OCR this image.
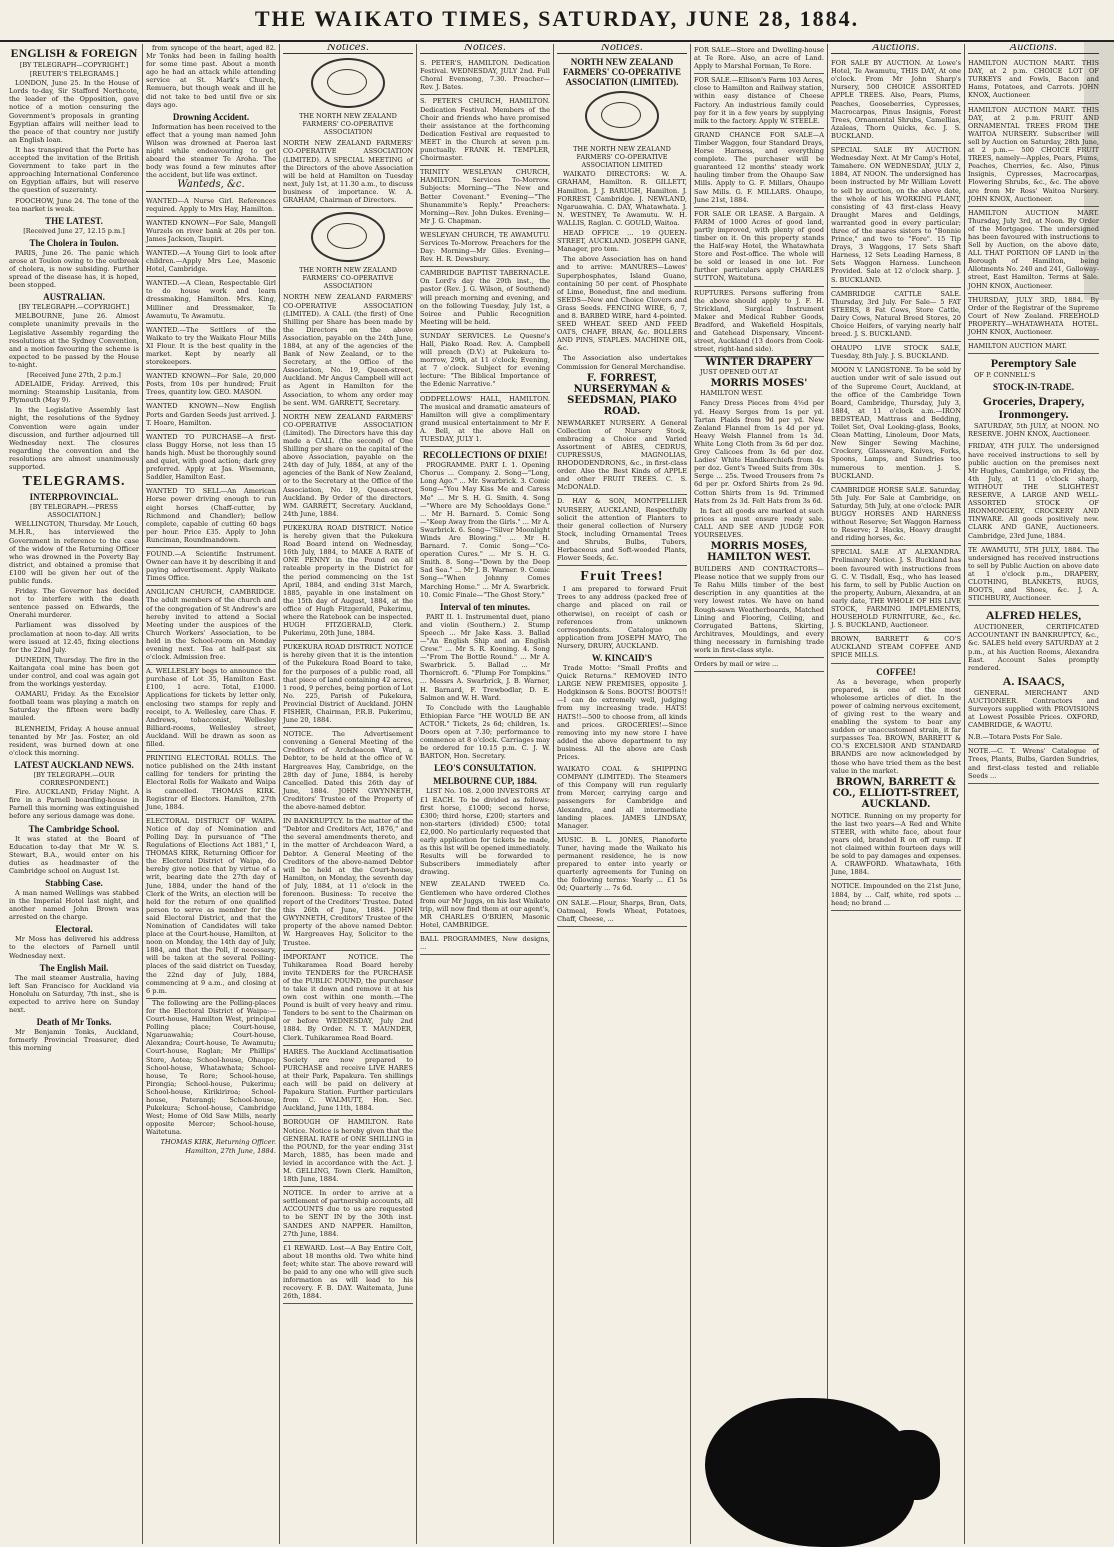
THE WAIKATO TIMES, SATURDAY, JUNE 28, 1884.
ENGLISH & FOREIGN
[BY TELEGRAPH—COPYRIGHT.]
[REUTER'S TELEGRAMS.]

LONDON, June 25. In the House of Lords to-day, Sir Stafford Northcote, the leader of the Opposition, gave notice of a motion censuring the Government's proposals in granting Egyptian affairs will neither lead to the peace of that country nor justify an English loan.

It has transpired that the Porte has accepted the invitation of the British Government to take part in the approaching International Conference on Egyptian affairs, but will reserve the question of suzerainty.

FOOCHOW, June 24. The tone of the tea market is weak.

THE LATEST.
[Received June 27, 12.15 p.m.]
The Cholera in Toulon.

PARIS, June 26. The panic which arose at Toulon owing to the outbreak of cholera, is now subsiding. Further spread of the disease has, it is hoped, been stopped.

AUSTRALIAN.
[BY TELEGRAPH.—COPYRIGHT.]

MELBOURNE, June 26. Almost complete unanimity prevails in the Legislative Assembly regarding the resolutions at the Sydney Convention, and a motion favouring the scheme is expected to be passed by the House to-night.

[Received June 27th, 2 p.m.]

ADELAIDE, Friday. Arrived, this morning: Steamship Lusitania, from Plymouth (May 9).

In the Legislative Assembly last night, the resolutions of the Sydney Convention were again under discussion, and further adjourned till Wednesday next. The closures regarding the convention and the resolutions are almost unanimously supported.

TELEGRAMS.
INTERPROVINCIAL.
[BY TELEGRAPH.—PRESS ASSOCIATION.]

WELLINGTON, Thursday. Mr Louch, M.H.R., has interviewed the Government in reference to the case of the widow of the Returning Officer who was drowned in the Poverty Bay district, and obtained a promise that £100 will be given her out of the public funds.

Friday. The Governor has decided not to interfere with the death sentence passed on Edwards, the Onerahi murderer.

Parliament was dissolved by proclamation at noon to-day. All writs were issued at 12.45, fixing elections for the 22nd July.

DUNEDIN, Thursday. The fire in the Kaitangata coal mine has been got under control, and coal was again got from the workings yesterday.

OAMARU, Friday. As the Excelsior football team was playing a match on Saturday the fifteen were badly mauled.

BLENHEIM, Friday. A house annual tenanted by Mr Jas. Foster, an old resident, was burned down at one o'clock this morning.

LATEST AUCKLAND NEWS.
[BY TELEGRAPH.—OUR CORRESPONDENT.]

Fire. AUCKLAND, Friday Night. A fire in a Parnell boarding-house in Parnell this morning was extinguished before any serious damage was done.

The Cambridge School.

It was stated at the Board of Education to-day that Mr W. S. Stewart, B.A., would enter on his duties as headmaster of the Cambridge school on August 1st.

Stabbing Case.

A man named Wellings was stabbed in the Imperial Hotel last night, and another named John Brown was arrested on the charge.

Electoral.

Mr Moss has delivered his address to the electors of Parnell until Wednesday next.

The English Mail.

The mail steamer Australia, having left San Francisco for Auckland via Honolulu on Saturday, 7th inst., she is expected to arrive here on Sunday next.

Death of Mr Tonks.

Mr Benjamin Tonks, Auckland, formerly Provincial Treasurer, died this morning

from syncope of the heart, aged 82. Mr Tonks had been in failing health for some time past. About a month ago he had an attack while attending service at St. Mark's Church, Remuera, but though weak and ill he did not take to bed until five or six days ago.

Drowning Accident.

Information has been received to the effect that a young man named John Wilson was drowned at Paeroa last night while endeavouring to get aboard the steamer Te Aroha. The body was found a few minutes after the accident, but life was extinct.

Wanteds, &c.
WANTED—A Nurse Girl. References required. Apply to Mrs Hay, Hamilton.
WANTED KNOWN—For Sale, Mangell Wurzels on river bank at 20s per ton. James Jackson, Taupiri.
WANTED.—A Young Girl to look after children.—Apply Mrs Lee, Masonic Hotel, Cambridge.
WANTED.—A Clean, Respectable Girl to do house work and learn dressmaking, Hamilton. Mrs. King, Milliner and Dressmaker, Te Awamutu, Te Awamutu.
WANTED.—The Settlers of the Waikato to try the Waikato Flour Mills XI Flour. It is the best quality in the market. Kept by nearly all storekeepers.
WANTED KNOWN—For Sale, 20,000 Posts, from 10s per hundred; Fruit Trees, quantity low. GEO. MASON.
WANTED KNOWN—New English Ports and Garden Seeds just arrived. J. T. Hoare, Hamilton.
WANTED TO PURCHASE—A first-class Buggy Horse, not less than 15 hands high. Must be thoroughly sound and quiet, with good action; dark grey preferred. Apply at Jas. Wisemann, Saddler, Hamilton East.
WANTED TO SELL—An American Horse power driving enough to run eight horses (Chaff-cutter, by Richmond and Chandler); bellow complete, capable of cutting 60 bags per hour. Price £35. Apply to John Runciman, Roundmandown.
FOUND.—A Scientific Instrument. Owner can have it by describing it and paying advertisement. Apply Waikato Times Office.
ANGLICAN CHURCH, CAMBRIDGE. The adult members of the church and of the congregation of St Andrew's are hereby invited to attend a Social Meeting under the auspices of the Church Workers' Association, to be held in the School-room on Monday evening next. Tea at half-past six o'clock. Admission free.
A. WELLESLEY begs to announce the purchase of Lot 35, Hamilton East. £100, 1 acre. Total, £1000. Applications for tickets by letter only, enclosing two stamps for reply and receipt, to A. Wellesley, care Chas. F. Andrews, tobacconist, Wellesley Billiard-rooms, Wellesley street, Auckland. Will be drawn as soon as filled.
PRINTING ELECTORAL ROLLS. The notice published on the 24th instant calling for tenders for printing the Electoral Rolls for Waikato and Waipa is cancelled. THOMAS KIRK. Registrar of Electors. Hamilton, 27th June, 1884.
ELECTORAL DISTRICT OF WAIPA. Notice of day of Nomination and Polling Day. In pursuance of "The Regulations of Elections Act 1881," I, THOMAS KIRK, Returning Officer for the Electoral District of Waipa, do hereby give notice that by virtue of a writ, bearing date the 27th day of June, 1884, under the hand of the Clerk of the Writs, an election will be held for the return of one qualified person to serve as member for the said Electoral District, and that the Nomination of Candidates will take place at the Court-house, Hamilton, at noon on Monday, the 14th day of July, 1884, and that the Poll, if necessary, will be taken at the several Polling-places of the said district on Tuesday, the 22nd day of July, 1884, commencing at 9 a.m., and closing at 6 p.m.

The following are the Polling-places for the Electoral District of Waipa:—Court-house, Hamilton West, principal Polling place; Court-house, Ngaruawahia; Court-house, Alexandra; Court-house, Te Awamutu; Court-house, Raglan; Mr Phillips' Store, Aotea; School-house, Ohaupo; School-house, Whatawhata; School-house, Te Rore; School-house, Pirongia; School-house, Pukerimu; School-house, Kirikiriroa; School-house, Paterangi; School-house, Pukekura; School-house, Cambridge West; Home of Old Saw Mills, nearly opposite Mercer; School-house, Waitetuna.

THOMAS KIRK, Returning Officer. Hamilton, 27th June, 1884.
Notices.
THE NORTH NEW ZEALAND FARMERS' CO-OPERATIVE ASSOCIATION
NORTH NEW ZEALAND FARMERS' CO-OPERATIVE ASSOCIATION (LIMITED). A SPECIAL MEETING of the Directors of the above Association will be held at Hamilton on Tuesday next, July 1st, at 11.30 a.m., to discuss business of importance. W. A. GRAHAM, Chairman of Directors.
THE NORTH NEW ZEALAND FARMERS' CO-OPERATIVE ASSOCIATION
NORTH NEW ZEALAND FARMERS' CO-OPERATIVE ASSOCIATION (LIMITED). A CALL (the first) of One Shilling per Share has been made by the Directors on the above Association, payable on the 24th June, 1884, at any of the agencies of the Bank of New Zealand, or to the Secretary, at the Office of the Association, No. 19, Queen-street, Auckland. Mr Angus Campbell will act as Agent in Hamilton for the Association, to whom any order may be sent. WM. GARRETT, Secretary.
NORTH NEW ZEALAND FARMERS' CO-OPERATIVE ASSOCIATION (Limited). The Directors have this day made a CALL (the second) of One Shilling per share on the capital of the above Association, payable on the 24th day of July, 1884, at any of the agencies of the Bank of New Zealand, or to the Secretary at the Office of the Association, No. 19, Queen-street, Auckland. By Order of the directors. WM. GARRETT, Secretary. Auckland, 24th June, 1884.
PUKEKURA ROAD DISTRICT. Notice is hereby given that the Pukekura Road Board intend on Wednesday, 16th July, 1884, to MAKE A RATE of ONE PENNY in the Pound on all rateable property in the District for the period commencing on the 1st April, 1884, and ending 31st March, 1885, payable in one instalment on the 15th day of August, 1884, at the office of Hugh Fitzgerald, Pukerimu, where the Ratebook can be inspected. HUGH FITZGERALD, Clerk. Pukerimu, 20th June, 1884.
PUKEKURA ROAD DISTRICT. NOTICE is hereby given that it is the intention of the Pukekura Road Board to take, for the purposes of a public road, all that piece of land containing 42 acres, 1 rood, 9 perches, being portion of Lot No. 225, Parish of Pukekura, Provincial District of Auckland. JOHN FISHER, Chairman, P.R.B. Pukerimu, June 20, 1884.
NOTICE. The Advertisement convening a General Meeting of the Creditors of Archdeacon Ward, a Debtor, to be held at the office of W. Hargreaves Hay, Cambridge, on the 28th day of June, 1884, is hereby Cancelled. Dated this 26th day of June, 1884. JOHN GWYNNETH, Creditors' Trustee of the Property of the above-named debtor.
IN BANKRUPTCY. In the matter of the "Debtor and Creditors Act, 1876," and the several amendments thereto, and in the matter of Archdeacon Ward, a Debtor. A General Meeting of the Creditors of the above-named Debtor will be held at the Court-house, Hamilton, on Monday, the seventh day of July, 1884, at 11 o'clock in the forenoon. Business: To receive the report of the Creditors' Trustee. Dated this 26th of June, 1884. JOHN GWYNNETH, Creditors' Trustee of the property of the above named Debtor. W. Hargreaves Hay, Solicitor to the Trustee.
IMPORTANT NOTICE. The Tuhikaramea Road Board hereby invite TENDERS for the PURCHASE of the PUBLIC POUND, the purchaser to take it down and remove it at his own cost within one month.—The Pound is built of very heavy and rimu. Tenders to be sent to the Chairman on or before WEDNESDAY, July 2nd 1884. By Order. N. T. MAUNDER, Clerk. Tuhikaramea Road Board.
HARES. The Auckland Acclimatisation Society are now prepared to PURCHASE and receive LIVE HARES at their Park, Papakura. Ten shillings each will be paid on delivery at Papakura Station. Further particulars from C. WALMUTT, Hon. Sec. Auckland, June 11th, 1884.
BOROUGH OF HAMILTON. Rate Notice. Notice is hereby given that the GENERAL RATE of ONE SHILLING in the POUND, for the year ending 31st March, 1885, has been made and levied in accordance with the Act. J. M. GELLING, Town Clerk. Hamilton, 18th June, 1884.
NOTICE. In order to arrive at a settlement of partnership accounts, all ACCOUNTS due to us are requested to be SENT IN by the 30th inst. SANDES AND NAPPER. Hamilton, 27th June, 1884.
£1 REWARD. Lost—A Bay Entire Colt, about 18 months old. Two white hind feet; white star. The above reward will be paid to any one who will give such information as will lead to his recovery. F. B. DAY. Waitemata, June 26th, 1884.
Notices.
S. PETER'S, HAMILTON. Dedication Festival. WEDNESDAY, JULY 2nd. Full Choral Evensong, 7.30. Preacher—Rev. J. Bates.
S. PETER'S CHURCH, HAMILTON. Dedication Festival. Members of the Choir and friends who have promised their assistance at the forthcoming Dedication Festival are requested to MEET in the Church at seven p.m. punctually. FRANK H. TEMPLER, Choirmaster.
TRINITY WESLEYAN CHURCH, HAMILTON. Services To-Morrow. Subjects: Morning—"The New and Better Covenant." Evening—"The Shunammite's Reply." Preachers: Morning—Rev. John Dukes. Evening—Mr J. G. Chapman.
WESLEYAN CHURCH, TE AWAMUTU. Services To-Morrow. Preachers for the Day: Morning—Mr Giles. Evening—Rev. H. R. Dewsbury.
CAMBRIDGE BAPTIST TABERNACLE. On Lord's day the 29th inst., the pastor (Rev. J. G. Wilson, of Southend) will preach morning and evening, and on the following Tuesday, July 1st, a Soiree and Public Recognition Meeting will be held.
SUNDAY SERVICES. Le Quesne's Hall, Piako Road. Rev. A. Campbell will preach (D.V.) at Pukekura to-morrow, 29th, at 11 o'clock; Evening, at 7 o'clock. Subject for evening lecture: "The Biblical Importance of the Edenic Narrative."
ODDFELLOWS' HALL, HAMILTON. The musical and dramatic amateurs of Hamilton will give a complimentary grand musical entertainment to Mr F. A. Bell, at the above Hall on TUESDAY, JULY 1.
RECOLLECTIONS OF DIXIE!

PROGRAMME. PART I. 1. Opening Chorus ... Company. 2. Song—"Long, Long Ago." ... Mr. Swarbrick. 3. Comic Song—"You May Kiss Me and Caress Me" ... Mr S. H. G. Smith. 4. Song—"Where are My Schooldays Gone." ... Mr H. Barnard. 5. Comic Song—"Keep Away from the Girls." ... Mr A. Swarbrick. 6. Song—"Silver Moonlight Winds Are Blowing." ... Mr H. Barnard. 7. Comic Song—"Co-operation Cures." ... Mr S. H. G. Smith. 8. Song—"Down by the Deep Sad Sea." ... Mr J. B. Warner. 9. Comic Song—"When Johnny Comes Marching Home." ... Mr A. Swarbrick. 10. Comic Finale—"The Ghost Story."

Interval of ten minutes.

PART II. 1. Instrumental duet, piano and violin (Southern.) 2. Stump Speech ... Mr Jake Kass. 3. Ballad—"An English Ship and an English Crew." ... Mr S. R. Koening. 4. Song—"From The Bottle Round." ... Mr A. Swarbrick. 5. Ballad ... Mr Thornicroft. 6. "Plump For Tompkins." ... Messrs A. Swarbrick, J. B. Warner, H. Barnard, F. Trewbodlar, D. E. Salmon and W. H. Ward.

To Conclude with the Laughable Ethiopian Farce "HE WOULD BE AN ACTOR." Tickets, 2s 6d; children, 1s. Doors open at 7.30; performance to commence at 8 o'clock. Carriages may be ordered for 10.15 p.m. C. J. W. BARTON, Hon. Secretary.

LEO'S CONSULTATION.
MELBOURNE CUP, 1884.

LIST No. 108. 2,000 INVESTORS AT £1 EACH. To be divided as follows: first horse, £1000; second horse, £300; third horse, £200; starters and non-starters (divided) £500; total £2,000. No particularly requested that early application for tickets be made, as this list will be opened immediately. Results will be forwarded to Subscribers immediately after drawing.

NEW ZEALAND TWEED Co. Gentlemen who have ordered Clothes from our Mr Juggs, on his last Waikato trip, will now find them at our agent's, MR CHARLES O'BRIEN, Masonic Hotel, CAMBRIDGE.
BALL PROGRAMMES, New designs, ...
Notices.
NORTH NEW ZEALAND FARMERS' CO-OPERATIVE ASSOCIATION (LIMITED).
THE NORTH NEW ZEALAND FARMERS' CO-OPERATIVE ASSOCIATION LIMITED

WAIKATO DIRECTORS: W. A. GRAHAM, Hamilton. R. GILLETT, Hamilton. J. J. BARUGH, Hamilton. J. FORREST, Cambridge. J. NEWLAND, Ngaruawahia. C. DAY, Whatawhata. J. N. WESTNEY, Te Awamutu. W. H. WALLIS, Raglan. C. GOULD, Waitoa.

HEAD OFFICE ... 19 QUEEN-STREET, AUCKLAND. JOSEPH GANE, Manager, pro tem.

The above Association has on hand and to arrive: MANURES—Lawes' Superphosphates, Island Guano, containing 50 per cent. of Phosphate of Lime, Bonedust, fine and medium. SEEDS—New and Choice Clovers and Grass Seeds. FENCING WIRE, 6, 7, and 8. BARBED WIRE, hard 4-pointed. SEED WHEAT. SEED AND FEED OATS, CHAFF, BRAN, &c. BOLLERS AND PINS, STAPLES. MACHINE OIL, &c.

The Association also undertakes Commission for General Merchandise.

F. FORREST, NURSERYMAN & SEEDSMAN, PIAKO ROAD.
NEWMARKET NURSERY. A General Collection of Nursery Stock, embracing a Choice and Varied Assortment of ABIES, CEDRUS, CUPRESSUS, MAGNOLIAS, RHODODENDRONS, &c., in first-class order. Also the Best Kinds of APPLE and other FRUIT TREES. C. S. McDONALD.
D. HAY & SON, MONTPELLIER NURSERY, AUCKLAND, Respectfully solicit the attention of Planters to their general collection of Nursery Stock, including Ornamental Trees and Shrubs, Bulbs, Tubers, Herbaceous and Soft-wooded Plants, Flower Seeds, &c.
Fruit Trees!

I am prepared to forward Fruit Trees to any address (packed free of charge and placed on rail or otherwise), on receipt of cash or references from unknown correspondents. Catalogue on application from JOSEPH MAYO, The Nursery, DRURY, AUCKLAND.

W. KINCAID'S

Trade Motto: "Small Profits and Quick Returns." REMOVED INTO LARGE NEW PREMISES, opposite J. Hodgkinson & Sons. BOOTS! BOOTS!!—I can do extremely well, judging from my increasing trade. HATS! HATS!!—500 to choose from, all kinds and prices. GROCERIES!—Since removing into my new store I have added the above department to my business. All the above are Cash Prices.

WAIKATO COAL & SHIPPING COMPANY (LIMITED). The Steamers of this Company will run regularly from Mercer, carrying cargo and passengers for Cambridge and Alexandra, and all intermediate landing places. JAMES LINDSAY, Manager.
MUSIC. B. L. JONES, Pianoforte Tuner, having made the Waikato his permanent residence, he is now prepared to enter into yearly or quarterly agreements for Tuning on the following terms: Yearly ... £1 5s 0d; Quarterly ... 7s 6d.
ON SALE.—Flour, Sharps, Bran, Oats, Oatmeal, Fowls Wheat, Potatoes, Chaff, Cheese, ...
FOR SALE—Store and Dwelling-house at Te Rore. Also, an acre of Land. Apply to Marshal Forman, Te Rore.
FOR SALE.—Ellison's Farm 103 Acres, close to Hamilton and Railway station, within easy distance of Cheese Factory. An industrious family could pay for it in a few years by supplying milk to the factory. Apply W. STEELE.
GRAND CHANCE FOR SALE—A Timber Waggon, four Standard Drays, Horse Harness, and everything complete. The purchaser will be guaranteed 12 months' steady work hauling timber from the Ohaupo Saw Mills. Apply to G. F. Millars, Ohaupo Saw Mills. G. F. MILLARS. Ohaupo, June 21st, 1884.
FOR SALE OR LEASE. A Bargain. A FARM of 1000 Acres of good land, partly improved, with plenty of good timber on it. On this property stands the Half-way Hotel, the Whatawhata Store and Post-office. The whole will be sold or leased in one lot. For further particulars apply CHARLES SUTTON, Waitetuna.
RUPTURES. Persons suffering from the above should apply to J. F. H. Strickland, Surgical Instrument Maker and Medical Rubber Goods, Bradford, and Wakefield Hospitals, and Gatehead Dispensary, Vincent-street, Auckland (13 doors from Cook-street, right-hand side).
WINTER DRAPERY

JUST OPENED OUT AT

MORRIS MOSES'

HAMILTON WEST.

Fancy Dress Pieces from 4½d per yd. Heavy Serges from 1s per yd. Tartan Plaids from 9d per yd. New Zealand Flannel from 1s 4d per yd. Heavy Welsh Flannel from 1s 3d. White Long Cloth from 3s 6d per doz. Grey Calicoes from 3s 6d per doz. Ladies' White Handkerchiefs from 4s per doz. Gent's Tweed Suits from 30s. Serge ... 25s. Tweed Trousers from 7s 6d per pr. Oxford Shirts from 2s 9d. Cotton Shirts from 1s 9d. Trimmed Hats from 2s 3d. Felt Hats from 3s 6d.

In fact all goods are marked at such prices as must ensure ready sale. CALL AND SEE AND JUDGE FOR YOURSELVES.

MORRIS MOSES, HAMILTON WEST.
BUILDERS AND CONTRACTORS—Please notice that we supply from our Te Rahu Mills timber of the best description in any quantities at the very lowest rates. We have on hand Rough-sawn Weatherboards, Matched Lining and Flooring, Ceiling, and Corrugated Battens, Skirting, Architraves, Mouldings, and every thing necessary in furnishing trade work in first-class style.
Orders by mail or wire ...
Auctions.
FOR SALE BY AUCTION. At Lowe's Hotel, Te Awamutu, THIS DAY, At one o'clock. From Mr John Sharp's Nursery, 500 CHOICE ASSORTED APPLE TREES. Also, Pears, Plums, Peaches, Gooseberries, Cypresses, Macrocarpas, Pinus Insignis, Forest Trees, Ornamental Shrubs, Camellias, Azaleas, Thorn Quicks, &c. J. S. BUCKLAND.
SPECIAL SALE BY AUCTION. Wednesday Next. At Mr Camp's Hotel, Tamahere. ON WEDNESDAY, JULY 2, 1884, AT NOON. The undersigned has been instructed by Mr William Lovett to sell by auction, on the above date, the whole of his WORKING PLANT, consisting of 43 first-class Heavy Draught Mares and Geldings, warranted good in every particular; three of the mares sisters to "Bonnie Prince," and two to "Fore". 15 Tip Drays, 3 Waggons, 17 Sets Shaft Harness, 12 Sets Leading Harness, 8 Sets Waggon Harness. Luncheon Provided. Sale at 12 o'clock sharp. J. S. BUCKLAND.
CAMBRIDGE CATTLE SALE. Thursday, 3rd July. For Sale— 5 FAT STEERS, 8 Fat Cows, Store Cattle, Dairy Cows, Natural Breed Stores, 20 Choice Heifers, of varying nearly half breed. J. S. BUCKLAND.
OHAUPO LIVE STOCK SALE, Tuesday, 8th July. J. S. BUCKLAND.
MOON V. LANGSTONE. To be sold by auction under writ of sale issued out of the Supreme Court, Auckland, at the office of the Cambridge Town Board, Cambridge, Thursday, July 3, 1884, at 11 o'clock a.m.—IRON BEDSTEAD, Mattrass and Bedding, Toilet Set, Oval Looking-glass, Books, Clean Matting, Linoleum, Door Mats, New Singer Sewing Machine, Crockery, Glassware, Knives, Forks, Spoons, Lamps, and Sundries too numerous to mention. J. S. BUCKLAND.
CAMBRIDGE HORSE SALE. Saturday, 5th July. For Sale at Cambridge, on Saturday, 5th July, at one o'clock: PAIR BUGGY HORSES AND HARNESS without Reserve; Set Waggon Harness to Reserve; 2 Hacks, Heavy draught and riding horses, &c.
SPECIAL SALE AT ALEXANDRA. Preliminary Notice. J. S. Buckland has been favoured with instructions from G. C. V. Tisdall, Esq., who has leased his farm, to sell by Public Auction on the property, Auburn, Alexandra, at an early date, THE WHOLE OF HIS LIVE STOCK, FARMING IMPLEMENTS, HOUSEHOLD FURNITURE, &c., &c. J. S. BUCKLAND, Auctioneer.
BROWN, BARRETT & CO'S AUCKLAND STEAM COFFEE AND SPICE MILLS.
COFFEE!

As a beverage, when properly prepared, is one of the most wholesome articles of diet. In the power of calming nervous excitement, of giving rest to the weary and enabling the system to bear any sudden or unaccustomed strain, it far surpasses Tea. BROWN, BARRETT & CO.'S EXCELSIOR AND STANDARD BRANDS are now acknowledged by those who have tried them as the best value in the market.

BROWN, BARRETT & CO., ELLIOTT-STREET, AUCKLAND.
NOTICE. Running on my property for the last two years—A Red and White STEER, with white face, about four years old, branded R on off rump. If not claimed within fourteen days will be sold to pay damages and expenses. A. CRAWFORD. Whatawhata, 16th June, 1884.
NOTICE. Impounded on the 21st June, 1884, by ... Calf, white, red spots ... head; no brand ...
Auctions.
HAMILTON AUCTION MART. THIS DAY, at 2 p.m. CHOICE LOT OF TURKEYS and Fowls, Bacon and Hams, Potatoes, and Carrots. JOHN KNOX, Auctioneer.
HAMILTON AUCTION MART. THIS DAY, at 2 p.m. FRUIT AND ORNAMENTAL TREES FROM THE WAITOA NURSERY. Subscriber will sell by Auction on Saturday, 28th June, at 2 p.m.— 500 CHOICE FRUIT TREES, namely—Apples, Pears, Plums, Peaches, Cherries, &c. Also, Pinus Insignis, Cypresses, Macrocarpas, Flowering Shrubs, &c., &c. The above are from Mr Ross' Waitoa Nursery. JOHN KNOX, Auctioneer.
HAMILTON AUCTION MART. Thursday, July 3rd, at Noon. By Order of the Mortgagee. The undersigned has been favoured with instructions to Sell by Auction, on the above date, ALL THAT PORTION OF LAND in the Borough of Hamilton, being Allotments No. 240 and 241, Galloway-street, East Hamilton. Terms at Sale. JOHN KNOX, Auctioneer.
THURSDAY, JULY 3RD, 1884. By Order of the Registrar of the Supreme Court of New Zealand. FREEHOLD PROPERTY—WHATAWHATA HOTEL. JOHN KNOX, Auctioneer.
HAMILTON AUCTION MART.
Peremptory Sale

OF P. CONNELL'S

STOCK-IN-TRADE.
Groceries, Drapery, Ironmongery.

SATURDAY, 5th JULY, at NOON. NO RESERVE. JOHN KNOX, Auctioneer.

FRIDAY, 4TH JULY. The undersigned have received instructions to sell by public auction on the premises next Mr Hughes, Cambridge, on Friday, the 4th July, at 11 o'clock sharp, WITHOUT THE SLIGHTEST RESERVE, A LARGE AND WELL-ASSORTED STOCK OF IRONMONGERY, CROCKERY AND TINWARE. All goods positively new. CLARK AND GANE, Auctioneers. Cambridge, 23rd June, 1884.
TE AWAMUTU, 5TH JULY, 1884. The undersigned has received instructions to sell by Public Auction on above date at 1 o'clock p.m., DRAPERY, CLOTHING, BLANKETS, RUGS, BOOTS, and Shoes, &c. J. A. STICHBURY, Auctioneer.
ALFRED HELES,

AUCTIONEER, CERTIFICATED ACCOUNTANT IN BANKRUPTCY, &c., &c. SALES held every SATURDAY at 2 p.m., at his Auction Rooms, Alexandra East. Account Sales promptly rendered.

A. ISAACS,

GENERAL MERCHANT AND AUCTIONEER. Contractors and Surveyors supplied with PROVISIONS at Lowest Possible Prices. OXFORD, CAMBRIDGE, & WAOTU.

N.B.—Totara Posts For Sale.
NOTE.—C. T. Wrens' Catalogue of Trees, Plants, Bulbs, Garden Sundries, and first-class tested and reliable Seeds ...
